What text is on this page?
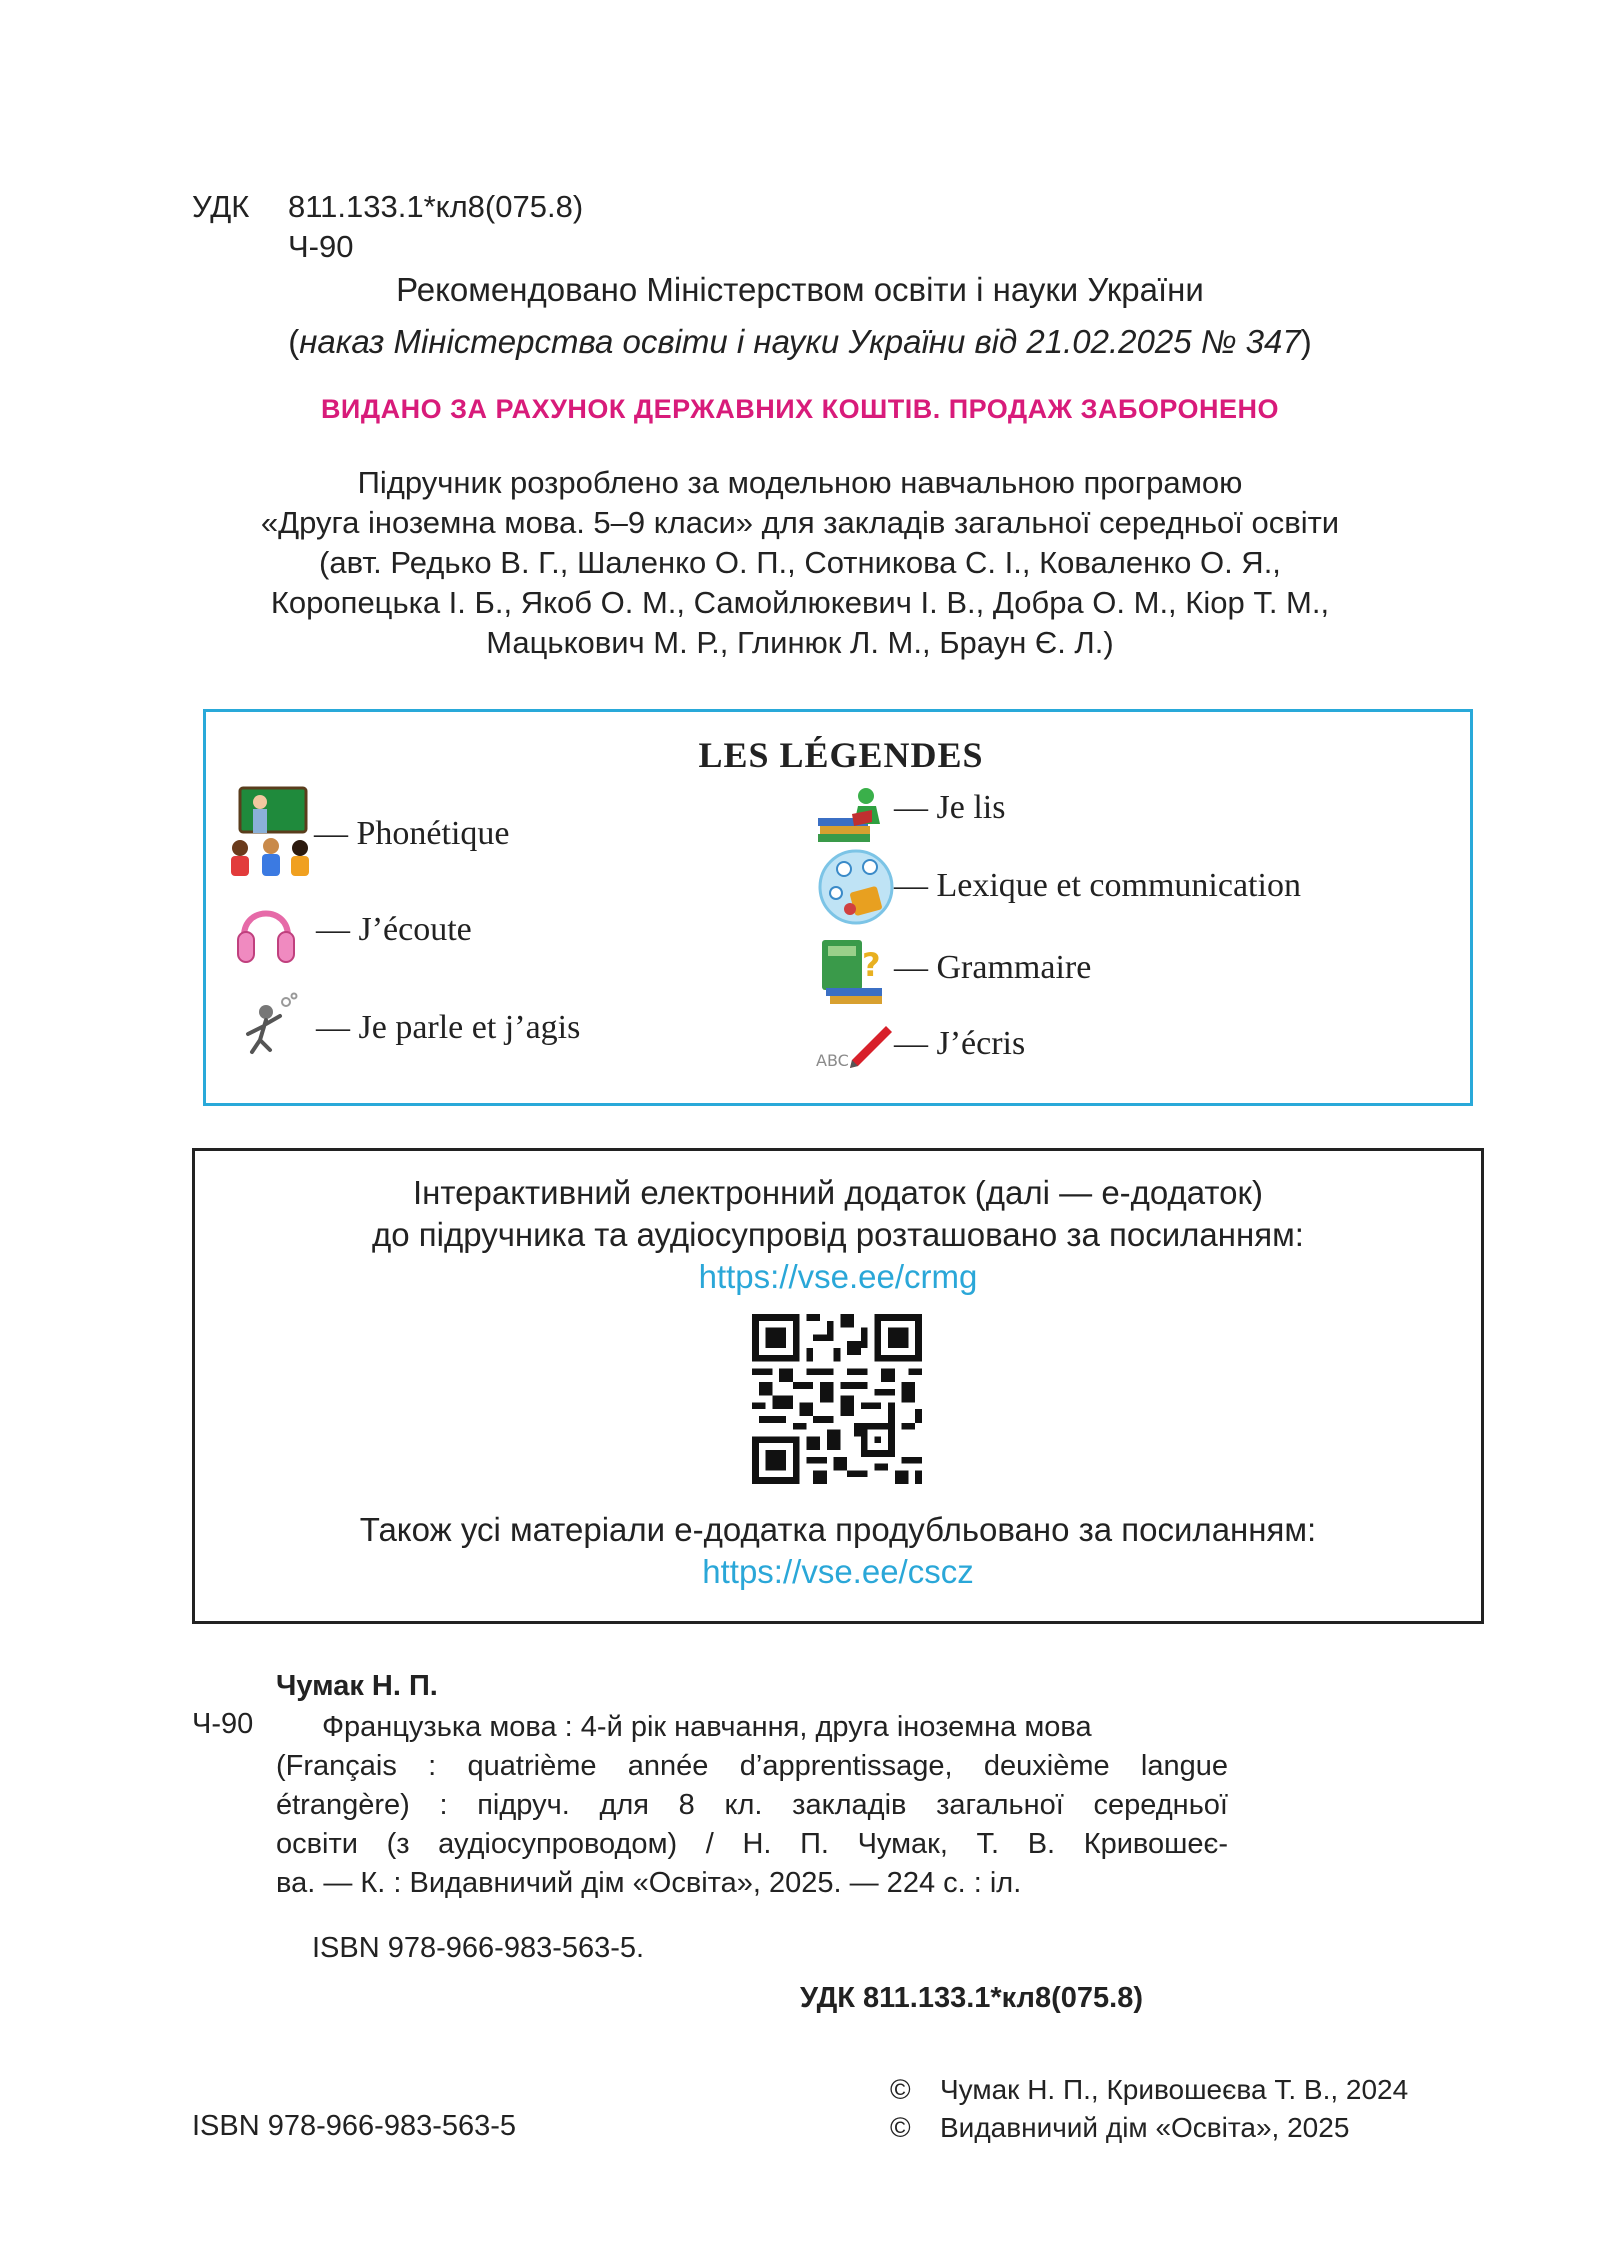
УДК 811.133.1*кл8(075.8)
Ч-90
Рекомендовано Міністерством освіти і науки України
(наказ Міністерства освіти і науки України від 21.02.2025 № 347)
ВИДАНО ЗА РАХУНОК ДЕРЖАВНИХ КОШТІВ. ПРОДАЖ ЗАБОРОНЕНО
Підручник розроблено за модельною навчальною програмою
«Друга іноземна мова. 5–9 класи» для закладів загальної середньої освіти
(авт. Редько В. Г., Шаленко О. П., Сотникова С. І., Коваленко О. Я.,
Коропецька І. Б., Якоб О. М., Самойлюкевич І. В., Добра О. М., Кіор Т. М.,
Мацькович М. Р., Глинюк Л. М., Браун Є. Л.)
LES LÉGENDES
— Phonétique
— J’écoute
— Je parle et j’agis
— Je lis
— Lexique et communication
? — Grammaire
ABC — J’écris
Інтерактивний електронний додаток (далі — е-додаток)
до підручника та аудіосупровід розташовано за посиланням:
https://vse.ee/crmg
Також усі матеріали е-додатка продубльовано за посиланням:
https://vse.ee/cscz
Чумак Н. П.
Ч-90	Французька мова : 4-й рік навчання, друга іноземна мова
(Français : quatrième année d’apprentissage, deuxième langue
étrangère) : підруч. для 8 кл. закладів загальної середньої
освіти (з аудіосупроводом) / Н. П. Чумак, Т. В. Кривошеє-
ва. — К. : Видавничий дім «Освіта», 2025. — 224 с. : іл.
ISBN 978-966-983-563-5.
УДК 811.133.1*кл8(075.8)
© Чумак Н. П., Кривошеєва Т. В., 2024
© Видавничий дім «Освіта», 2025
ISBN 978-966-983-563-5
